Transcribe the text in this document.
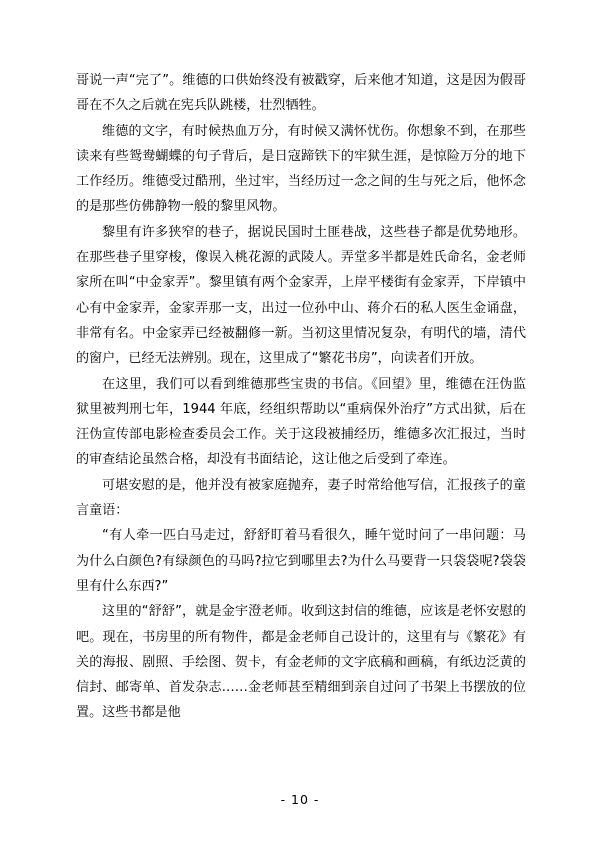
哥说一声“完了”。维德的口供始终没有被戳穿，后来他才知道，这是因为假哥哥在不久之后就在宪兵队跳楼，壮烈牺牲。

维德的文字，有时候热血万分，有时候又满怀忧伤。你想象不到，在那些读来有些鸳鸯蝴蝶的句子背后，是日寇蹄铁下的牢狱生涯，是惊险万分的地下工作经历。维德受过酷刑，坐过牢，当经历过一念之间的生与死之后，他怀念的是那些仿佛静物一般的黎里风物。

黎里有许多狭窄的巷子，据说民国时土匪巷战，这些巷子都是优势地形。在那些巷子里穿梭，像误入桃花源的武陵人。弄堂多半都是姓氏命名，金老师家所在叫“中金家弄”。黎里镇有两个金家弄，上岸平楼街有金家弄，下岸镇中心有中金家弄，金家弄那一支，出过一位孙中山、蒋介石的私人医生金诵盘，非常有名。中金家弄已经被翻修一新。当初这里情况复杂，有明代的墙，清代的窗户，已经无法辨别。现在，这里成了“繁花书房”，向读者们开放。

在这里，我们可以看到维德那些宝贵的书信。《回望》里，维德在汪伪监狱里被判刑七年，1944 年底，经组织帮助以“重病保外治疗”方式出狱，后在汪伪宣传部电影检查委员会工作。关于这段被捕经历，维德多次汇报过，当时的审查结论虽然合格，却没有书面结论，这让他之后受到了牵连。

可堪安慰的是，他并没有被家庭抛弃，妻子时常给他写信，汇报孩子的童言童语：

“有人牵一匹白马走过，舒舒盯着马看很久，睡午觉时问了一串问题：马为什么白颜色?有绿颜色的马吗?拉它到哪里去?为什么马要背一只袋袋呢?袋袋里有什么东西?”

这里的“舒舒”，就是金宇澄老师。收到这封信的维德，应该是老怀安慰的吧。现在，书房里的所有物件，都是金老师自己设计的，这里有与《繁花》有关的海报、剧照、手绘图、贺卡，有金老师的文字底稿和画稿，有纸边泛黄的信封、邮寄单、首发杂志……金老师甚至精细到亲自过问了书架上书摆放的位置。这些书都是他

- 10 -
